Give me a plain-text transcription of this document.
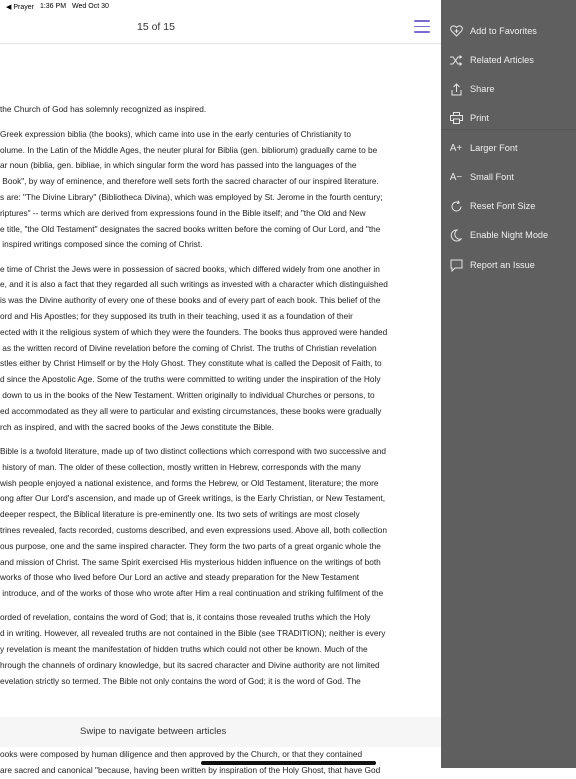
◀ Prayer 1:36 PM Wed Oct 30
15 of 15

the Church of God has solemnly recognized as inspired.

Greek expression biblia (the books), which came into use in the early centuries of Christianity to
olume. In the Latin of the Middle Ages, the neuter plural for Biblia (gen. bibliorum) gradually came to be
ar noun (biblia, gen. bibliae, in which singular form the word has passed into the languages of the
Book", by way of eminence, and therefore well sets forth the sacred character of our inspired literature.
s are: "The Divine Library" (Bibliotheca Divina), which was employed by St. Jerome in the fourth century;
riptures" -- terms which are derived from expressions found in the Bible itself; and "the Old and New
e title, "the Old Testament" designates the sacred books written before the coming of Our Lord, and "the
inspired writings composed since the coming of Christ.

e time of Christ the Jews were in possession of sacred books, which differed widely from one another in
e, and it is also a fact that they regarded all such writings as invested with a character which distinguished
is was the Divine authority of every one of these books and of every part of each book. This belief of the
ord and His Apostles; for they supposed its truth in their teaching, used it as a foundation of their
ected with it the religious system of which they were the founders. The books thus approved were handed
as the written record of Divine revelation before the coming of Christ. The truths of Christian revelation
stles either by Christ Himself or by the Holy Ghost. They constitute what is called the Deposit of Faith, to
d since the Apostolic Age. Some of the truths were committed to writing under the inspiration of the Holy
down to us in the books of the New Testament. Written originally to individual Churches or persons, to
ed accommodated as they all were to particular and existing circumstances, these books were gradually
rch as inspired, and with the sacred books of the Jews constitute the Bible.

Bible is a twofold literature, made up of two distinct collections which correspond with two successive and
history of man. The older of these collection, mostly written in Hebrew, corresponds with the many
wish people enjoyed a national existence, and forms the Hebrew, or Old Testament, literature; the more
ong after Our Lord's ascension, and made up of Greek writings, is the Early Christian, or New Testament,
deeper respect, the Biblical literature is pre-eminently one. Its two sets of writings are most closely
trines revealed, facts recorded, customs described, and even expressions used. Above all, both collection
ous purpose, one and the same inspired character. They form the two parts of a great organic whole the
and mission of Christ. The same Spirit exercised His mysterious hidden influence on the writings of both
works of those who lived before Our Lord an active and steady preparation for the New Testament
introduce, and of the works of those who wrote after Him a real continuation and striking fulfilment of the

orded of revelation, contains the word of God; that is, it contains those revealed truths which the Holy
d in writing. However, all revealed truths are not contained in the Bible (see TRADITION); neither is every
y revelation is meant the manifestation of hidden truths which could not other be known. Much of the
hrough the channels of ordinary knowledge, but its sacred character and Divine authority are not limited
evelation strictly so termed. The Bible not only contains the word of God; it is the word of God. The

Swipe to navigate between articles
ooks were composed by human diligence and then approved by the Church, or that they contained
are sacred and canonical "because, having been written by inspiration of the Holy Ghost, that have God
Add to Favorites
Related Articles
Share
Print
A+ Larger Font
A− Small Font
Reset Font Size
Enable Night Mode
Report an Issue
